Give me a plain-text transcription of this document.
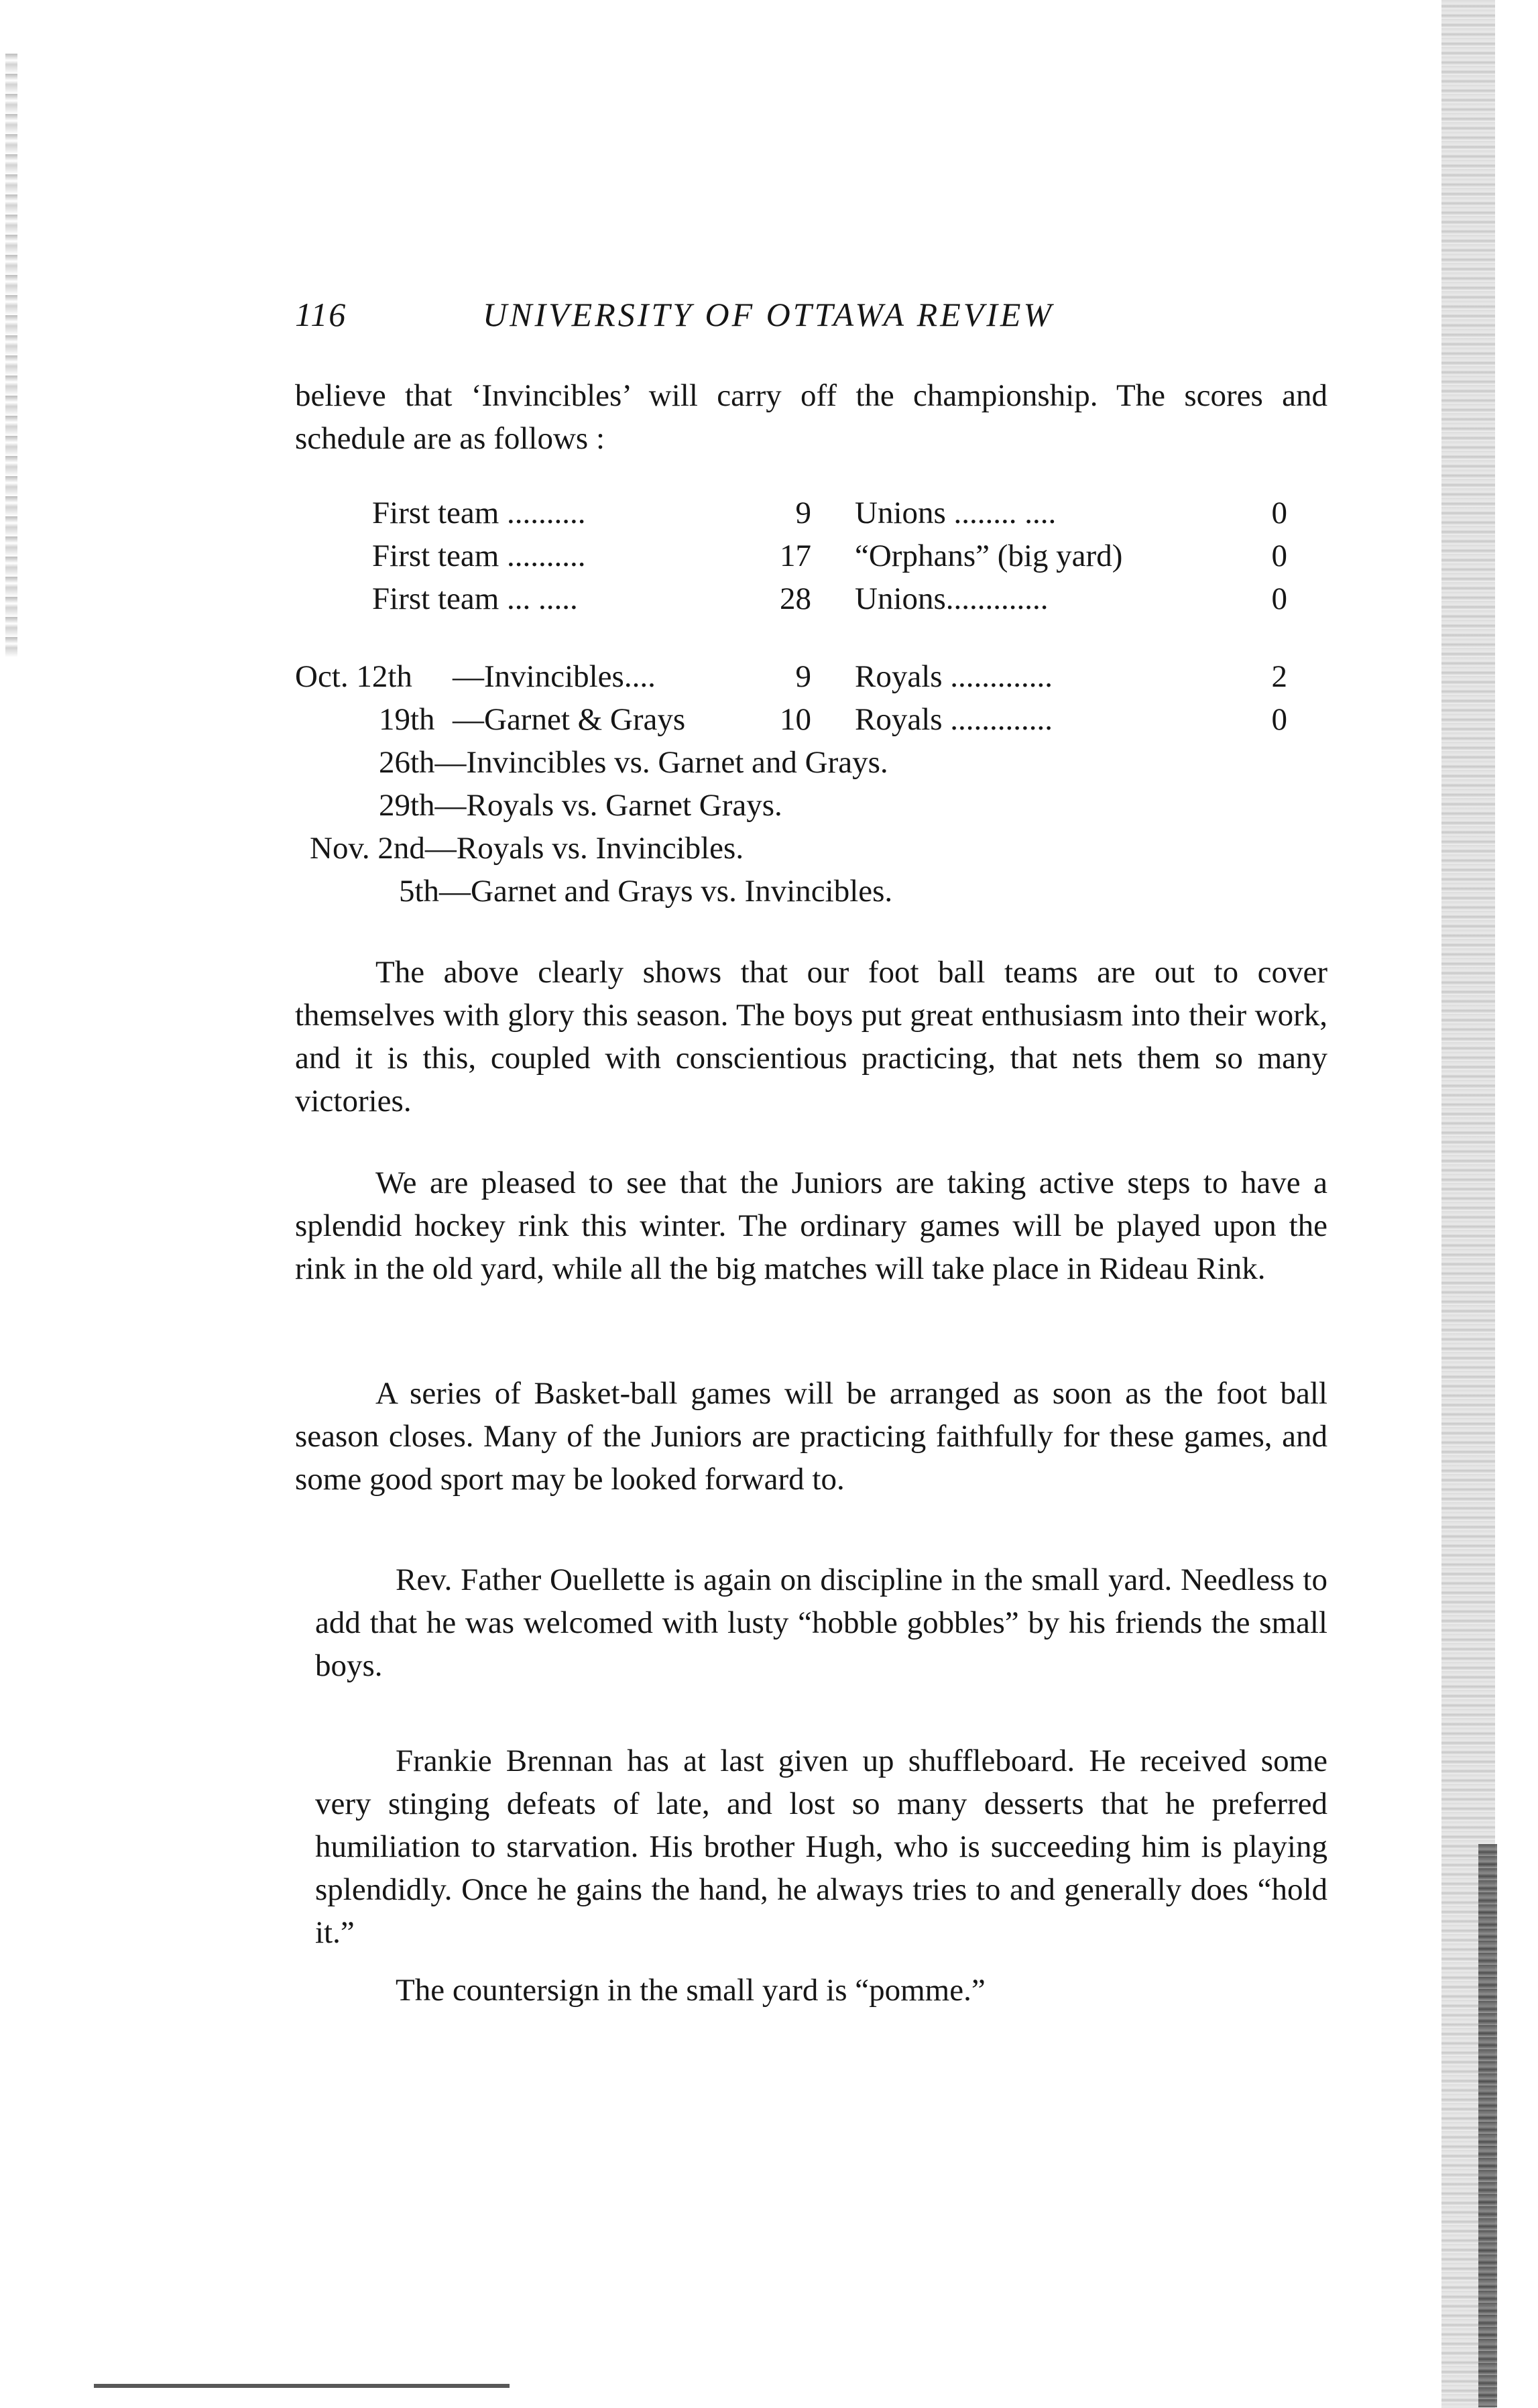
116	UNIVERSITY OF OTTAWA REVIEW

believe that ‘Invincibles’ will carry off the championship. The scores and schedule are as follows :

First team ..........	9 Unions ........ ....	0
First team ..........	17 “Orphans” (big yard)	0
First team ... .....	28 Unions.............	0
Oct. 12th —Invincibles....	9 Royals .............	2
19th —Garnet & Grays	10 Royals .............	0
26th—Invincibles vs. Garnet and Grays.
29th—Royals vs. Garnet Grays.
Nov. 2nd—Royals vs. Invincibles.
5th—Garnet and Grays vs. Invincibles.

The above clearly shows that our foot ball teams are out to cover themselves with glory this season. The boys put great enthusiasm into their work, and it is this, coupled with conscientious practicing, that nets them so many victories.

We are pleased to see that the Juniors are taking active steps to have a splendid hockey rink this winter. The ordinary games will be played upon the rink in the old yard, while all the big matches will take place in Rideau Rink.

A series of Basket-ball games will be arranged as soon as the foot ball season closes. Many of the Juniors are practicing faithfully for these games, and some good sport may be looked forward to.

Rev. Father Ouellette is again on discipline in the small yard. Needless to add that he was welcomed with lusty “hobble gobbles” by his friends the small boys.

Frankie Brennan has at last given up shuffleboard. He received some very stinging defeats of late, and lost so many desserts that he preferred humiliation to starvation. His brother Hugh, who is succeeding him is playing splendidly. Once he gains the hand, he always tries to and generally does “hold it.”

The countersign in the small yard is “pomme.”
